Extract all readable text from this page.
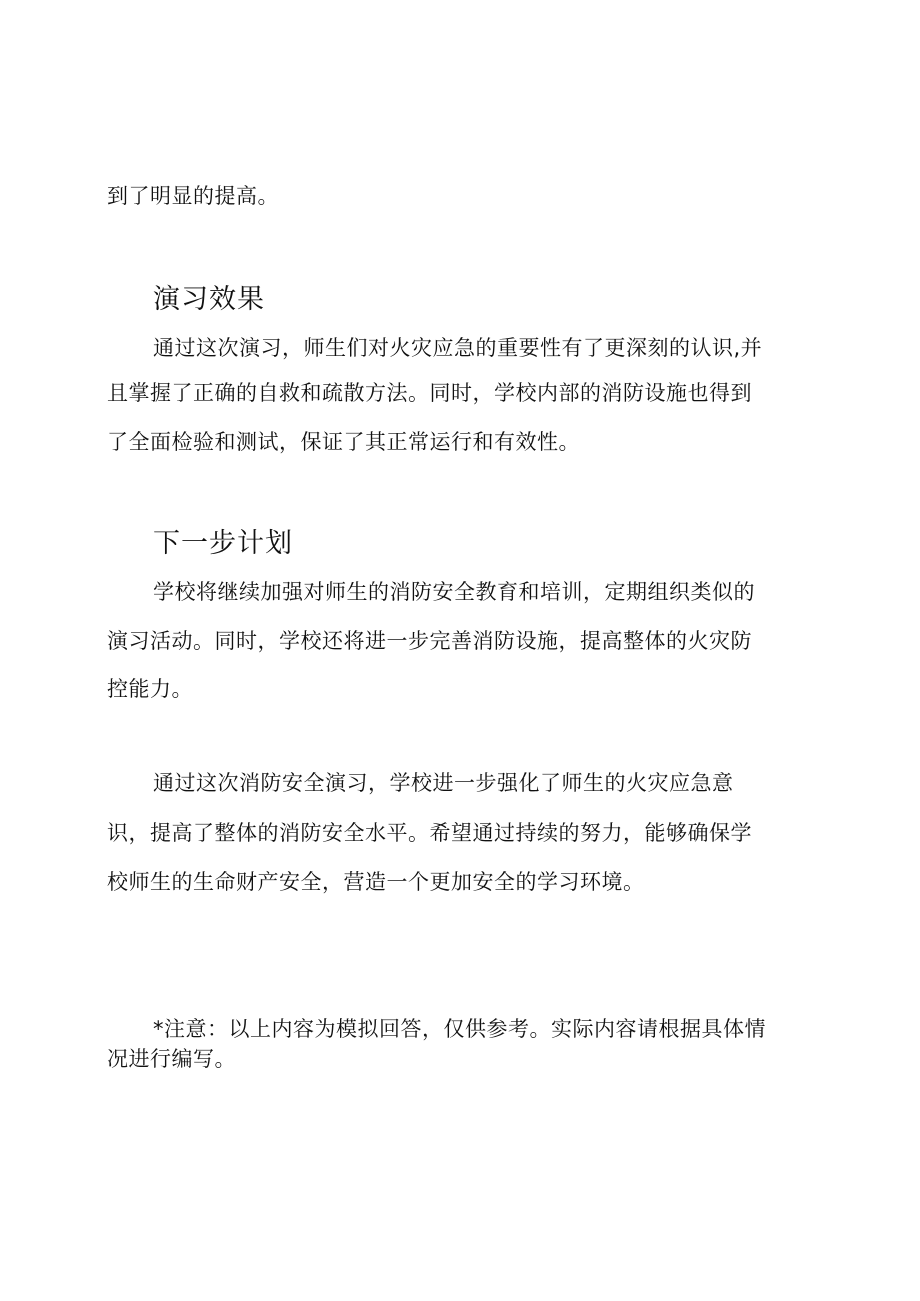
到了明显的提高。
演习效果
通过这次演习，师生们对火灾应急的重要性有了更深刻的认识,并
且掌握了正确的自救和疏散方法。同时，学校内部的消防设施也得到
了全面检验和测试，保证了其正常运行和有效性。
下一步计划
学校将继续加强对师生的消防安全教育和培训，定期组织类似的
演习活动。同时，学校还将进一步完善消防设施，提高整体的火灾防
控能力。
通过这次消防安全演习，学校进一步强化了师生的火灾应急意
识，提高了整体的消防安全水平。希望通过持续的努力，能够确保学
校师生的生命财产安全，营造一个更加安全的学习环境。
*注意：以上内容为模拟回答，仅供参考。实际内容请根据具体情
况进行编写。
